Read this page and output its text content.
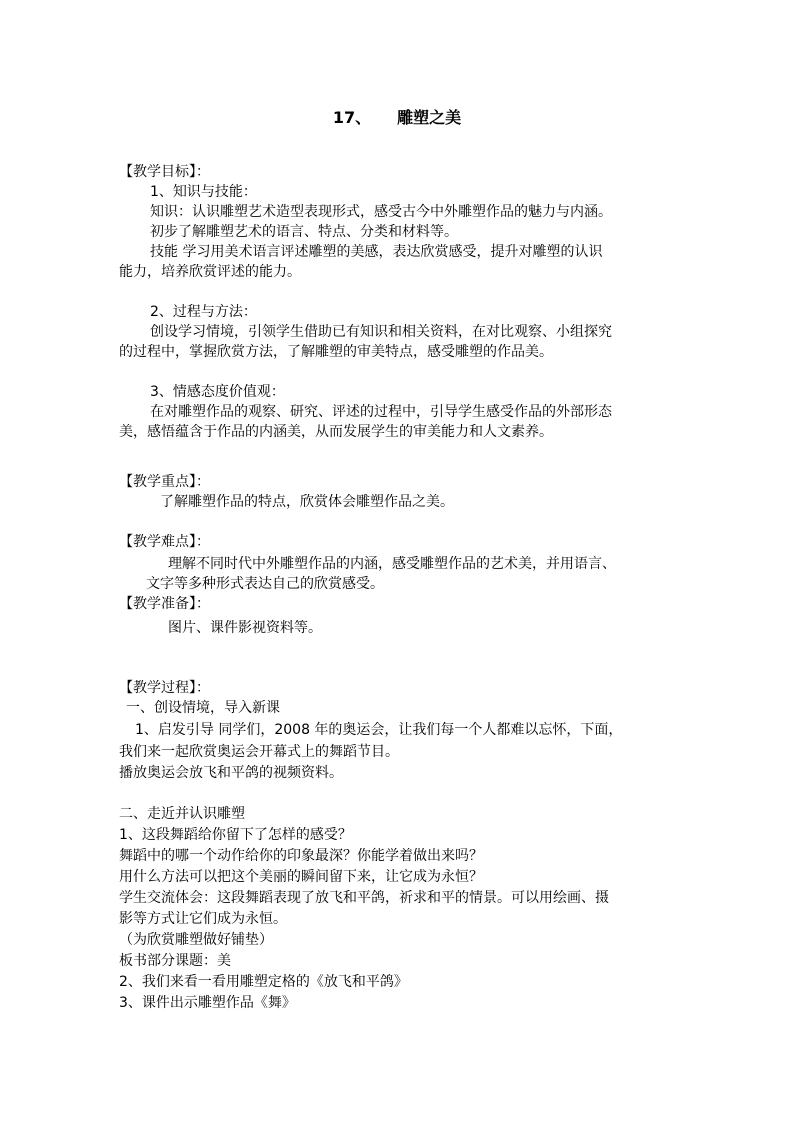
17、 雕塑之美

【教学目标】：

1、知识与技能：

知识：认识雕塑艺术造型表现形式，感受古今中外雕塑作品的魅力与内涵。

初步了解雕塑艺术的语言、特点、分类和材料等。

技能 学习用美术语言评述雕塑的美感，表达欣赏感受，提升对雕塑的认识

能力，培养欣赏评述的能力。

2、过程与方法：

创设学习情境，引领学生借助已有知识和相关资料，在对比观察、小组探究

的过程中，掌握欣赏方法，了解雕塑的审美特点，感受雕塑的作品美。

3、情感态度价值观：

在对雕塑作品的观察、研究、评述的过程中，引导学生感受作品的外部形态

美，感悟蕴含于作品的内涵美，从而发展学生的审美能力和人文素养。

【教学重点】：

了解雕塑作品的特点，欣赏体会雕塑作品之美。

【教学难点】：

理解不同时代中外雕塑作品的内涵，感受雕塑作品的艺术美，并用语言、

文字等多种形式表达自己的欣赏感受。

【教学准备】：

图片、课件影视资料等。

【教学过程】：

一、创设情境，导入新课

1、启发引导 同学们，2008 年的奥运会，让我们每一个人都难以忘怀，下面，

我们来一起欣赏奥运会开幕式上的舞蹈节目。

播放奥运会放飞和平鸽的视频资料。

二、走近并认识雕塑

1、这段舞蹈给你留下了怎样的感受？

舞蹈中的哪一个动作给你的印象最深？你能学着做出来吗？

用什么方法可以把这个美丽的瞬间留下来，让它成为永恒？

学生交流体会：这段舞蹈表现了放飞和平鸽，祈求和平的情景。可以用绘画、摄

影等方式让它们成为永恒。

（为欣赏雕塑做好铺垫）

板书部分课题：美

2、我们来看一看用雕塑定格的《放飞和平鸽》

3、课件出示雕塑作品《舞》
